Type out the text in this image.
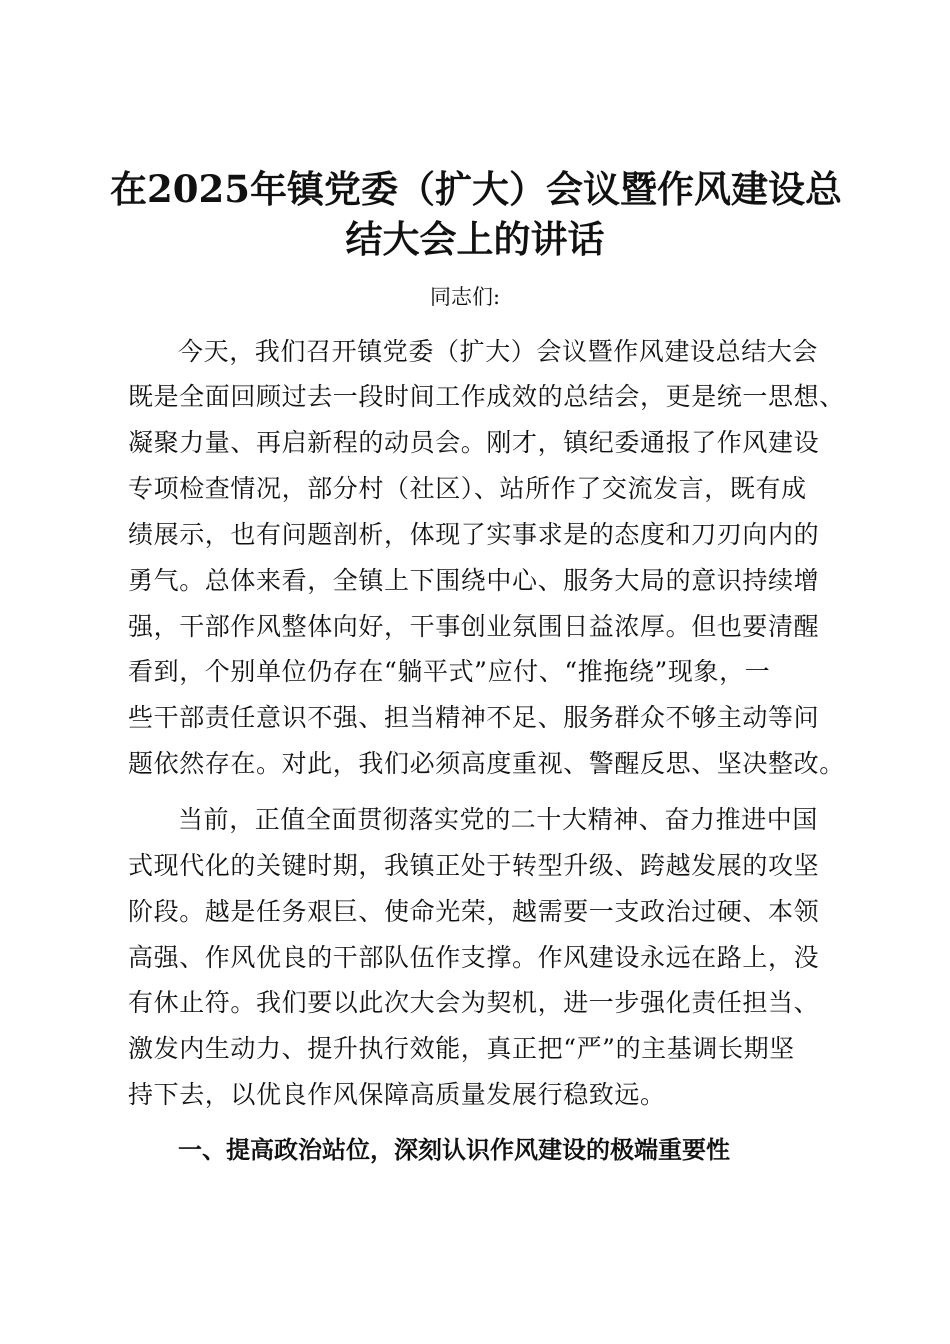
在2025年镇党委（扩大）会议暨作风建设总
结大会上的讲话

同志们:

今天，我们召开镇党委（扩大）会议暨作风建设总结大会

既是全面回顾过去一段时间工作成效的总结会，更是统一思想、

凝聚力量、再启新程的动员会。刚才，镇纪委通报了作风建设

专项检查情况，部分村（社区）、站所作了交流发言，既有成

绩展示，也有问题剖析，体现了实事求是的态度和刀刃向内的

勇气。总体来看，全镇上下围绕中心、服务大局的意识持续增

强，干部作风整体向好，干事创业氛围日益浓厚。但也要清醒

看到，个别单位仍存在“躺平式”应付、“推拖绕”现象，一

些干部责任意识不强、担当精神不足、服务群众不够主动等问

题依然存在。对此，我们必须高度重视、警醒反思、坚决整改。

当前，正值全面贯彻落实党的二十大精神、奋力推进中国

式现代化的关键时期，我镇正处于转型升级、跨越发展的攻坚

阶段。越是任务艰巨、使命光荣，越需要一支政治过硬、本领

高强、作风优良的干部队伍作支撑。作风建设永远在路上，没

有休止符。我们要以此次大会为契机，进一步强化责任担当、

激发内生动力、提升执行效能，真正把“严”的主基调长期坚

持下去，以优良作风保障高质量发展行稳致远。

一、提高政治站位，深刻认识作风建设的极端重要性
